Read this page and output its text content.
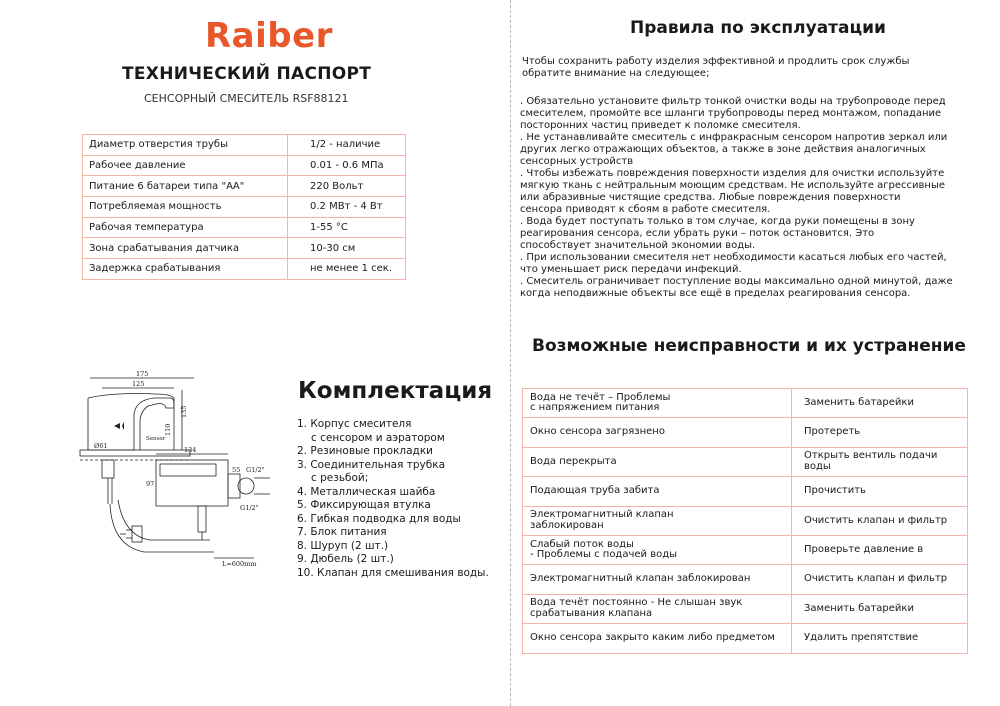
Raiber
ТЕХНИЧЕСКИЙ ПАСПОРТ
СЕНСОРНЫЙ СМЕСИТЕЛЬ RSF88121
Диаметр отверстия трубы	1/2 - наличие
Рабочее давление	0.01 - 0.6 МПа
Питание 6 батареи типа "АА"	220 Вольт
Потребляемая мощность	0.2 МВт - 4 Вт
Рабочая температура	1-55 °С
Зона срабатывания датчика	10-30 см
Задержка срабатывания	не менее 1 сек.
175
125
135
110
134
97
55 G1/2"
G1/2"
Ø61
L=600mm
Sensor
Комплектация
1. Корпус смесителя
с сенсором и аэратором
2. Резиновые прокладки
3. Соединительная трубка
с резьбой;
4. Металлическая шайба
5. Фиксирующая втулка
6. Гибкая подводка для воды
7. Блок питания
8. Шуруп (2 шт.)
9. Дюбель (2 шт.)
10. Клапан для смешивания воды.
Правила по эксплуатации

Чтобы сохранить работу изделия эффективной и продлить срок службы

обратите внимание на следующее;

. Обязательно установите фильтр тонкой очистки воды на трубопроводе перед

смесителем, промойте все шланги трубопроводы перед монтажом, попадание

посторонних частиц приведет к поломке смесителя.

. Не устанавливайте смеситель с инфракрасным сенсором напротив зеркал или

других легко отражающих объектов, а также в зоне действия аналогичных

сенсорных устройств

. Чтобы избежать повреждения поверхности изделия для очистки используйте

мягкую ткань с нейтральным моющим средствам. Не используйте агрессивные

или абразивные чистящие средства. Любые повреждения поверхности

сенсора приводят к сбоям в работе смесителя.

. Вода будет поступать только в том случае, когда руки помещены в зону

реагирования сенсора, если убрать руки – поток остановится. Это

способствует значительной экономии воды.

. При использовании смесителя нет необходимости касаться любых его частей,

что уменьшает риск передачи инфекций.

. Смеситель ограничивает поступление воды максимально одной минутой, даже

когда неподвижные объекты все ещё в пределах реагирования сенсора.

Возможные неисправности и их устранение
Вода не течёт – Проблемы
с напряжением питания	Заменить батарейки

Окно сенсора загрязнено	Протереть

Вода перекрыта	Открыть вентиль подачи воды

Подающая труба забита	Прочистить

Электромагнитный клапан
заблокирован	Очистить клапан и фильтр

Слабый поток воды
- Проблемы с подачей воды	Проверьте давление в

Электромагнитный клапан заблокирован	Очистить клапан и фильтр

Вода течёт постоянно - Не слышан звук
срабатывания клапана	Заменить батарейки

Окно сенсора закрыто каким либо предметом	Удалить препятствие
